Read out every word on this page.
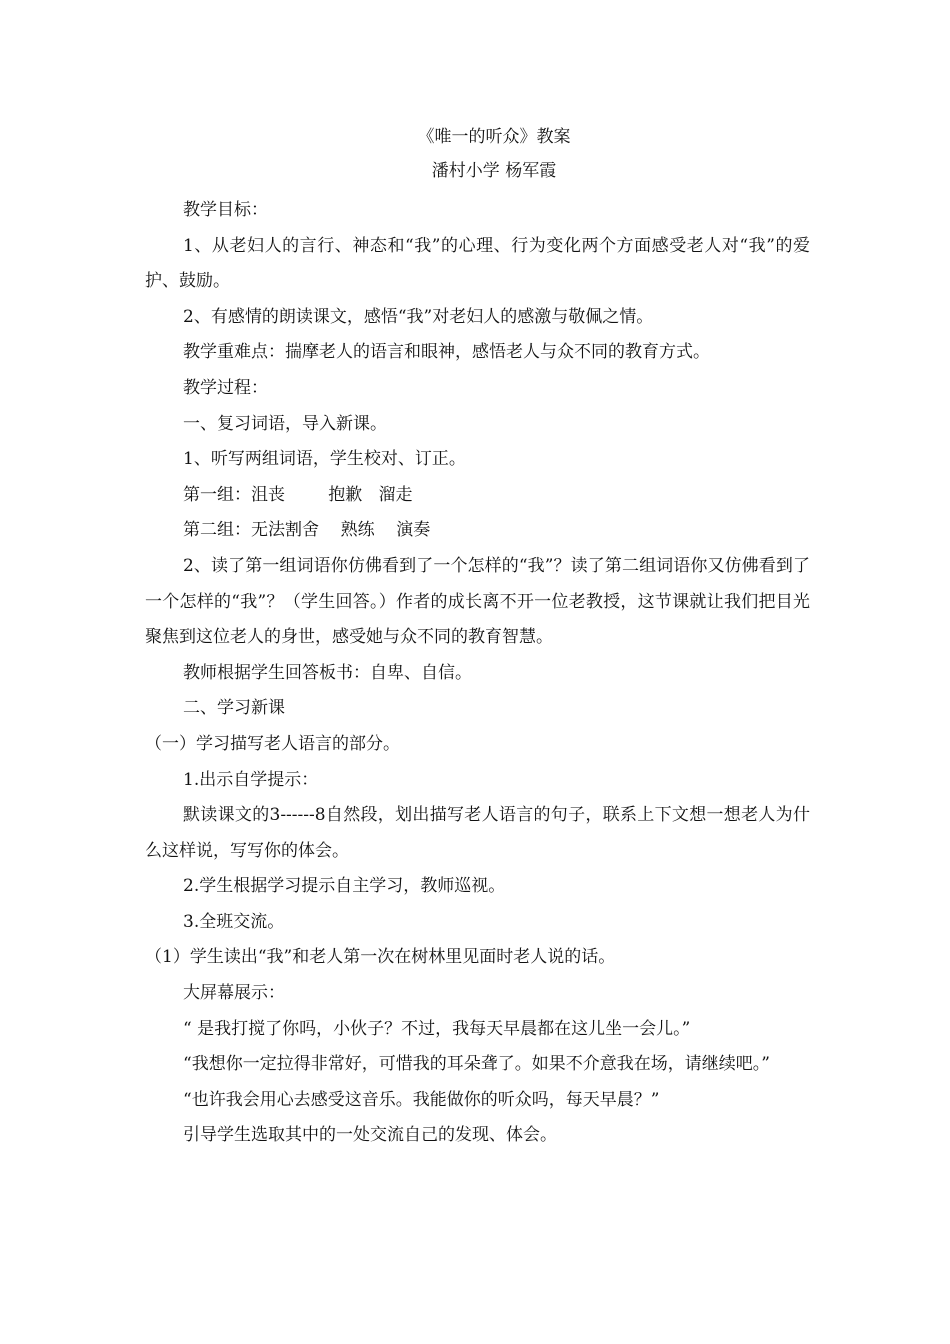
《唯一的听众》教案
潘村小学 杨军霞

教学目标：

1、从老妇人的言行、神态和“我”的心理、行为变化两个方面感受老人对“我”的爱护、鼓励。

2、有感情的朗读课文，感悟“我”对老妇人的感激与敬佩之情。

教学重难点：揣摩老人的语言和眼神，感悟老人与众不同的教育方式。

教学过程：

一、复习词语，导入新课。

1、听写两组词语，学生校对、订正。

第一组：沮丧        抱歉   溜走

第二组：无法割舍    熟练    演奏

2、读了第一组词语你仿佛看到了一个怎样的“我”？读了第二组词语你又仿佛看到了一个怎样的“我”？（学生回答。）作者的成长离不开一位老教授，这节课就让我们把目光聚焦到这位老人的身世，感受她与众不同的教育智慧。

教师根据学生回答板书：自卑、自信。

二、学习新课

（一）学习描写老人语言的部分。

1.出示自学提示：

默读课文的3------8自然段，划出描写老人语言的句子，联系上下文想一想老人为什么这样说，写写你的体会。

2.学生根据学习提示自主学习，教师巡视。

3.全班交流。

（1）学生读出“我”和老人第一次在树林里见面时老人说的话。

大屏幕展示：

“ 是我打搅了你吗，小伙子？不过，我每天早晨都在这儿坐一会儿。”

“我想你一定拉得非常好，可惜我的耳朵聋了。如果不介意我在场，请继续吧。”

“也许我会用心去感受这音乐。我能做你的听众吗，每天早晨？”

引导学生选取其中的一处交流自己的发现、体会。
